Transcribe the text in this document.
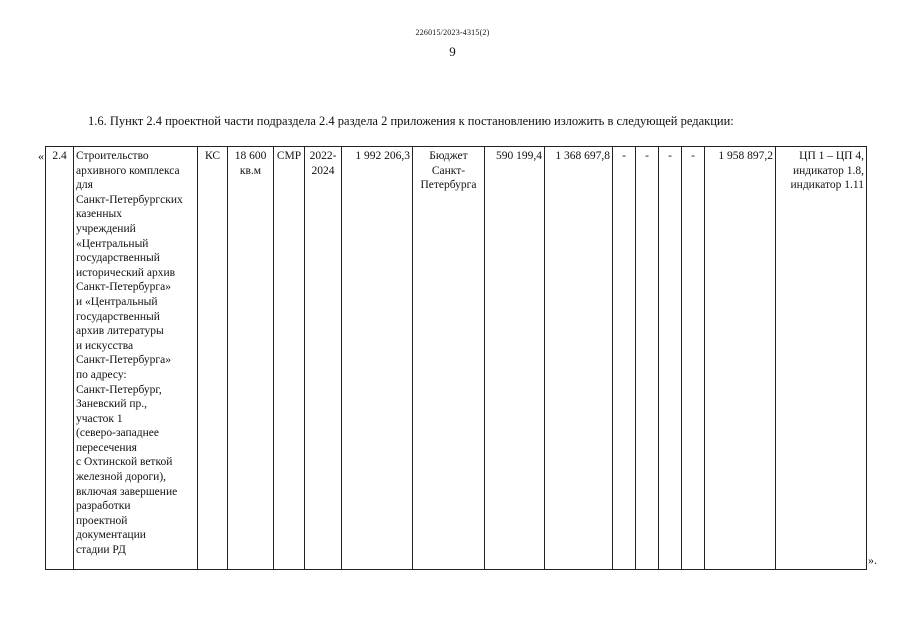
226015/2023-4315(2)
9
1.6. Пункт 2.4 проектной части подраздела 2.4 раздела 2 приложения к постановлению изложить в следующей редакции:
« 2.4	Строительство
архивного комплекса
для
Санкт-Петербургских
казенных
учреждений
«Центральный
государственный
исторический архив
Санкт-Петербурга»
и «Центральный
государственный
архив литературы
и искусства
Санкт-Петербурга»
по адресу:
Санкт-Петербург,
Заневский пр.,
участок 1
(северо-западнее
пересечения
с Охтинской веткой
железной дороги),
включая завершение
разработки
проектной
документации
стадии РД	КС	18 600
кв.м	СМР	2022-
2024	1 992 206,3	Бюджет
Санкт-
Петербурга	590 199,4	1 368 697,8	-	-	-	-	1 958 897,2	ЦП 1 – ЦП 4,
индикатор 1.8,
индикатор 1.11
».
